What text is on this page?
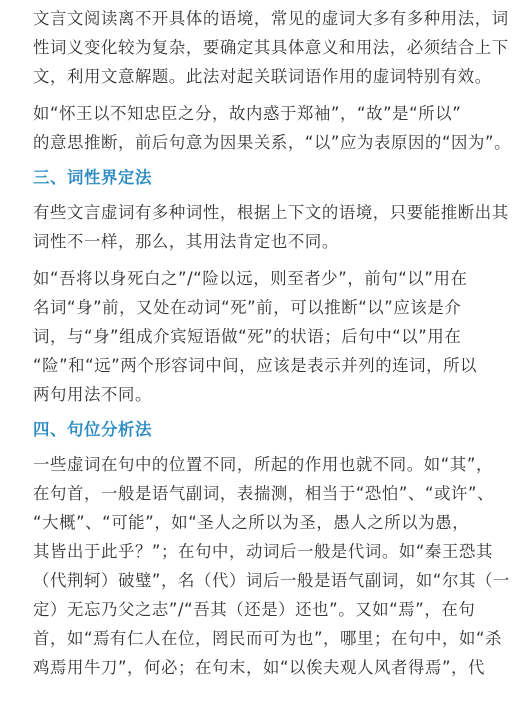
文言文阅读离不开具体的语境，常见的虚词大多有多种用法，词
性词义变化较为复杂，要确定其具体意义和用法，必须结合上下
文，利用文意解题。此法对起关联词语作用的虚词特别有效。
如“怀王以不知忠臣之分，故内惑于郑袖”，“故”是“所以”
的意思推断，前后句意为因果关系，“以”应为表原因的“因为”。
三、词性界定法
有些文言虚词有多种词性，根据上下文的语境，只要能推断出其
词性不一样，那么，其用法肯定也不同。
如“吾将以身死白之”/“险以远，则至者少”，前句“以”用在
名词“身”前，又处在动词“死”前，可以推断“以”应该是介
词，与“身”组成介宾短语做“死”的状语；后句中“以”用在
“险”和“远”两个形容词中间，应该是表示并列的连词，所以
两句用法不同。
四、句位分析法
一些虚词在句中的位置不同，所起的作用也就不同。如“其”，
在句首，一般是语气副词，表揣测，相当于“恐怕”、“或许”、
“大概”、“可能”，如“圣人之所以为圣，愚人之所以为愚，
其皆出于此乎？”；在句中，动词后一般是代词。如“秦王恐其
（代荆轲）破璧”，名（代）词后一般是语气副词，如“尔其（一
定）无忘乃父之志”/“吾其（还是）还也”。又如“焉”，在句
首，如“焉有仁人在位，罔民而可为也”，哪里；在句中，如“杀
鸡焉用牛刀”，何必；在句末，如“以俟夫观人风者得焉”，代
